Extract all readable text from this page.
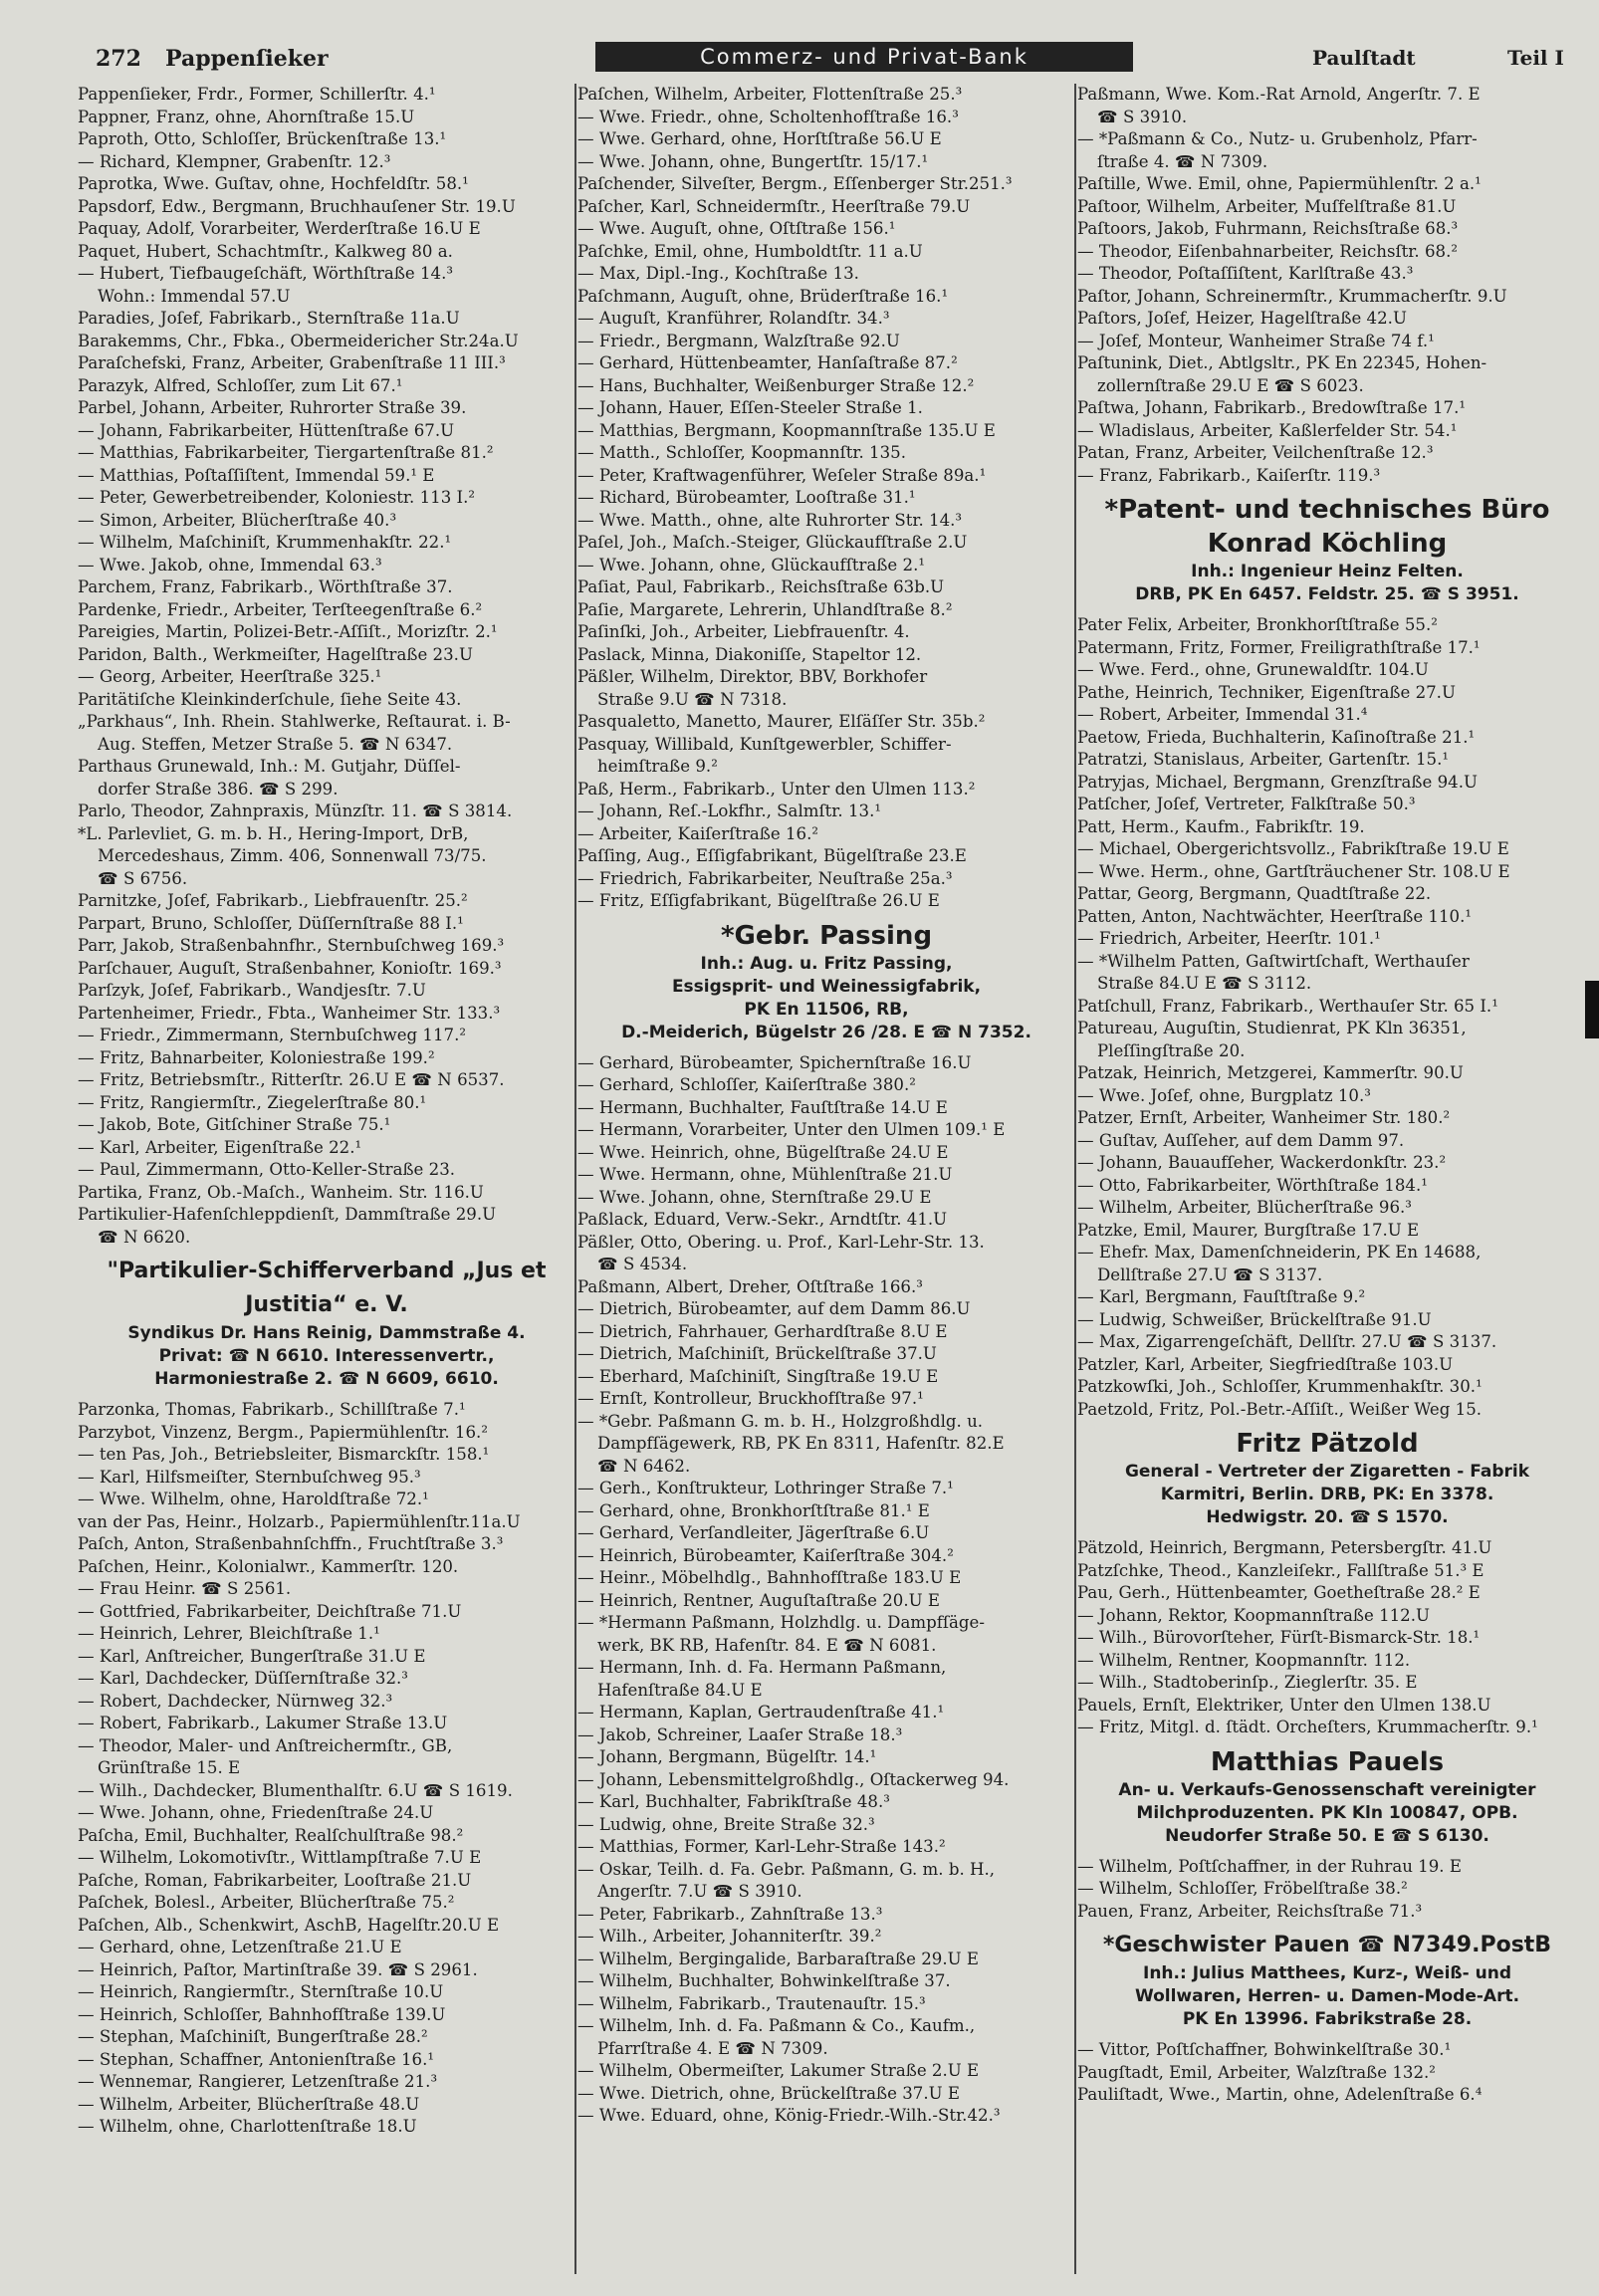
272 Pappenſieker	Commerz- und Privat-Bank	Paulſtadt	Teil I

Pappenſieker, Frdr., Former, Schillerſtr. 4.¹

Pappner, Franz, ohne, Ahornſtraße 15.U

Paproth, Otto, Schloſſer, Brückenſtraße 13.¹

— Richard, Klempner, Grabenſtr. 12.³

Paprotka, Wwe. Guſtav, ohne, Hochfeldſtr. 58.¹

Papsdorf, Edw., Bergmann, Bruchhauſener Str. 19.U

Paquay, Adolf, Vorarbeiter, Werderſtraße 16.U E

Paquet, Hubert, Schachtmſtr., Kalkweg 80 a.

— Hubert, Tiefbaugeſchäft, Wörthſtraße 14.³

Wohn.: Immendal 57.U

Paradies, Joſef, Fabrikarb., Sternſtraße 11a.U

Barakemms, Chr., Fbka., Obermeidericher Str.24a.U

Paraſchefski, Franz, Arbeiter, Grabenſtraße 11 III.³

Parazyk, Alfred, Schloſſer, zum Lit 67.¹

Parbel, Johann, Arbeiter, Ruhrorter Straße 39.

— Johann, Fabrikarbeiter, Hüttenſtraße 67.U

— Matthias, Fabrikarbeiter, Tiergartenſtraße 81.²

— Matthias, Poſtaſſiſtent, Immendal 59.¹ E

— Peter, Gewerbetreibender, Koloniestr. 113 I.²

— Simon, Arbeiter, Blücherſtraße 40.³

— Wilhelm, Maſchiniſt, Krummenhakſtr. 22.¹

— Wwe. Jakob, ohne, Immendal 63.³

Parchem, Franz, Fabrikarb., Wörthſtraße 37.

Pardenke, Friedr., Arbeiter, Terſteegenſtraße 6.²

Pareigies, Martin, Polizei-Betr.-Aſſiſt., Morizſtr. 2.¹

Paridon, Balth., Werkmeiſter, Hagelſtraße 23.U

— Georg, Arbeiter, Heerſtraße 325.¹

Paritätiſche Kleinkinderſchule, ſiehe Seite 43.

„Parkhaus“, Inh. Rhein. Stahlwerke, Reſtaurat. i. B-

Aug. Steffen, Metzer Straße 5. ☎ N 6347.

Parthaus Grunewald, Inh.: M. Gutjahr, Düſſel-

dorfer Straße 386. ☎ S 299.

Parlo, Theodor, Zahnpraxis, Münzſtr. 11. ☎ S 3814.

*L. Parlevliet, G. m. b. H., Hering-Import, DrB,

Mercedeshaus, Zimm. 406, Sonnenwall 73/75.

☎ S 6756.

Parnitzke, Joſef, Fabrikarb., Liebfrauenſtr. 25.²

Parpart, Bruno, Schloſſer, Düſſernſtraße 88 I.¹

Parr, Jakob, Straßenbahnfhr., Sternbuſchweg 169.³

Parſchauer, Auguſt, Straßenbahner, Konioſtr. 169.³

Parſzyk, Joſef, Fabrikarb., Wandjesſtr. 7.U

Partenheimer, Friedr., Fbta., Wanheimer Str. 133.³

— Friedr., Zimmermann, Sternbuſchweg 117.²

— Fritz, Bahnarbeiter, Koloniestraße 199.²

— Fritz, Betriebsmſtr., Ritterſtr. 26.U E ☎ N 6537.

— Fritz, Rangiermſtr., Ziegelerſtraße 80.¹

— Jakob, Bote, Gitſchiner Straße 75.¹

— Karl, Arbeiter, Eigenſtraße 22.¹

— Paul, Zimmermann, Otto-Keller-Straße 23.

Partika, Franz, Ob.-Maſch., Wanheim. Str. 116.U

Partikulier-Hafenſchleppdienſt, Dammſtraße 29.U

☎ N 6620.

"Partikulier-Schifferverband „Jus et Justitia“ e. V.
Syndikus Dr. Hans Reinig, Dammstraße 4.
Privat: ☎ N 6610. Interessenvertr.,
Harmoniestraße 2. ☎ N 6609, 6610.

Parzonka, Thomas, Fabrikarb., Schillſtraße 7.¹

Parzybot, Vinzenz, Bergm., Papiermühlenſtr. 16.²

— ten Pas, Joh., Betriebsleiter, Bismarckſtr. 158.¹

— Karl, Hilfsmeiſter, Sternbuſchweg 95.³

— Wwe. Wilhelm, ohne, Haroldſtraße 72.¹

van der Pas, Heinr., Holzarb., Papiermühlenſtr.11a.U

Paſch, Anton, Straßenbahnſchffn., Fruchtſtraße 3.³

Paſchen, Heinr., Kolonialwr., Kammerſtr. 120.

— Frau Heinr. ☎ S 2561.

— Gottfried, Fabrikarbeiter, Deichſtraße 71.U

— Heinrich, Lehrer, Bleichſtraße 1.¹

— Karl, Anſtreicher, Bungerſtraße 31.U E

— Karl, Dachdecker, Düſſernſtraße 32.³

— Robert, Dachdecker, Nürnweg 32.³

— Robert, Fabrikarb., Lakumer Straße 13.U

— Theodor, Maler- und Anſtreichermſtr., GB,

Grünſtraße 15. E

— Wilh., Dachdecker, Blumenthalſtr. 6.U ☎ S 1619.

— Wwe. Johann, ohne, Friedenſtraße 24.U

Paſcha, Emil, Buchhalter, Realſchulſtraße 98.²

— Wilhelm, Lokomotivſtr., Wittlampſtraße 7.U E

Paſche, Roman, Fabrikarbeiter, Looſtraße 21.U

Paſchek, Bolesl., Arbeiter, Blücherſtraße 75.²

Paſchen, Alb., Schenkwirt, AschB, Hagelſtr.20.U E

— Gerhard, ohne, Letzenſtraße 21.U E

— Heinrich, Paſtor, Martinſtraße 39. ☎ S 2961.

— Heinrich, Rangiermſtr., Sternſtraße 10.U

— Heinrich, Schloſſer, Bahnhofſtraße 139.U

— Stephan, Maſchiniſt, Bungerſtraße 28.²

— Stephan, Schaffner, Antonienſtraße 16.¹

— Wennemar, Rangierer, Letzenſtraße 21.³

— Wilhelm, Arbeiter, Blücherſtraße 48.U

— Wilhelm, ohne, Charlottenſtraße 18.U

Paſchen, Wilhelm, Arbeiter, Flottenſtraße 25.³

— Wwe. Friedr., ohne, Scholtenhofſtraße 16.³

— Wwe. Gerhard, ohne, Horſtſtraße 56.U E

— Wwe. Johann, ohne, Bungertſtr. 15/17.¹

Paſchender, Silveſter, Bergm., Eſſenberger Str.251.³

Paſcher, Karl, Schneidermſtr., Heerſtraße 79.U

— Wwe. Auguſt, ohne, Oſtſtraße 156.¹

Paſchke, Emil, ohne, Humboldtſtr. 11 a.U

— Max, Dipl.-Ing., Kochſtraße 13.

Paſchmann, Auguſt, ohne, Brüderſtraße 16.¹

— Auguſt, Kranführer, Rolandſtr. 34.³

— Friedr., Bergmann, Walzſtraße 92.U

— Gerhard, Hüttenbeamter, Hanſaſtraße 87.²

— Hans, Buchhalter, Weißenburger Straße 12.²

— Johann, Hauer, Eſſen-Steeler Straße 1.

— Matthias, Bergmann, Koopmannſtraße 135.U E

— Matth., Schloſſer, Koopmannſtr. 135.

— Peter, Kraftwagenführer, Weſeler Straße 89a.¹

— Richard, Bürobeamter, Looſtraße 31.¹

— Wwe. Matth., ohne, alte Ruhrorter Str. 14.³

Paſel, Joh., Maſch.-Steiger, Glückaufſtraße 2.U

— Wwe. Johann, ohne, Glückaufſtraße 2.¹

Paſiat, Paul, Fabrikarb., Reichsſtraße 63b.U

Paſie, Margarete, Lehrerin, Uhlandſtraße 8.²

Paſinſki, Joh., Arbeiter, Liebfrauenſtr. 4.

Paslack, Minna, Diakoniſſe, Stapeltor 12.

Päßler, Wilhelm, Direktor, BBV, Borkhofer

Straße 9.U ☎ N 7318.

Pasqualetto, Manetto, Maurer, Elſäſſer Str. 35b.²

Pasquay, Willibald, Kunſtgewerbler, Schiffer-

heimſtraße 9.²

Paß, Herm., Fabrikarb., Unter den Ulmen 113.²

— Johann, Reſ.-Lokfhr., Salmſtr. 13.¹

— Arbeiter, Kaiſerſtraße 16.²

Paſſing, Aug., Eſſigfabrikant, Bügelſtraße 23.E

— Friedrich, Fabrikarbeiter, Neuſtraße 25a.³

— Fritz, Eſſigfabrikant, Bügelſtraße 26.U E

*Gebr. Passing
Inh.: Aug. u. Fritz Passing,
Essigsprit- und Weinessigfabrik,
PK En 11506, RB,
D.-Meiderich, Bügelstr 26 /28. E ☎ N 7352.

— Gerhard, Bürobeamter, Spichernſtraße 16.U

— Gerhard, Schloſſer, Kaiſerſtraße 380.²

— Hermann, Buchhalter, Fauſtſtraße 14.U E

— Hermann, Vorarbeiter, Unter den Ulmen 109.¹ E

— Wwe. Heinrich, ohne, Bügelſtraße 24.U E

— Wwe. Hermann, ohne, Mühlenſtraße 21.U

— Wwe. Johann, ohne, Sternſtraße 29.U E

Paßlack, Eduard, Verw.-Sekr., Arndtſtr. 41.U

Päßler, Otto, Obering. u. Prof., Karl-Lehr-Str. 13.

☎ S 4534.

Paßmann, Albert, Dreher, Oſtſtraße 166.³

— Dietrich, Bürobeamter, auf dem Damm 86.U

— Dietrich, Fahrhauer, Gerhardſtraße 8.U E

— Dietrich, Maſchiniſt, Brückelſtraße 37.U

— Eberhard, Maſchiniſt, Singſtraße 19.U E

— Ernſt, Kontrolleur, Bruckhofſtraße 97.¹

— *Gebr. Paßmann G. m. b. H., Holzgroßhdlg. u.

Dampfſägewerk, RB, PK En 8311, Hafenſtr. 82.E

☎ N 6462.

— Gerh., Konſtrukteur, Lothringer Straße 7.¹

— Gerhard, ohne, Bronkhorſtſtraße 81.¹ E

— Gerhard, Verſandleiter, Jägerſtraße 6.U

— Heinrich, Bürobeamter, Kaiſerſtraße 304.²

— Heinr., Möbelhdlg., Bahnhofſtraße 183.U E

— Heinrich, Rentner, Auguſtaſtraße 20.U E

— *Hermann Paßmann, Holzhdlg. u. Dampfſäge-

werk, BK RB, Hafenſtr. 84. E ☎ N 6081.

— Hermann, Inh. d. Fa. Hermann Paßmann,

Hafenſtraße 84.U E

— Hermann, Kaplan, Gertraudenſtraße 41.¹

— Jakob, Schreiner, Laaſer Straße 18.³

— Johann, Bergmann, Bügelſtr. 14.¹

— Johann, Lebensmittelgroßhdlg., Oſtackerweg 94.

— Karl, Buchhalter, Fabrikſtraße 48.³

— Ludwig, ohne, Breite Straße 32.³

— Matthias, Former, Karl-Lehr-Straße 143.²

— Oskar, Teilh. d. Fa. Gebr. Paßmann, G. m. b. H.,

Angerſtr. 7.U ☎ S 3910.

— Peter, Fabrikarb., Zahnſtraße 13.³

— Wilh., Arbeiter, Johanniterſtr. 39.²

— Wilhelm, Bergingalide, Barbaraſtraße 29.U E

— Wilhelm, Buchhalter, Bohwinkelſtraße 37.

— Wilhelm, Fabrikarb., Trautenauſtr. 15.³

— Wilhelm, Inh. d. Fa. Paßmann & Co., Kaufm.,

Pfarrſtraße 4. E ☎ N 7309.

— Wilhelm, Obermeiſter, Lakumer Straße 2.U E

— Wwe. Dietrich, ohne, Brückelſtraße 37.U E

— Wwe. Eduard, ohne, König-Friedr.-Wilh.-Str.42.³

Paßmann, Wwe. Kom.-Rat Arnold, Angerſtr. 7. E

☎ S 3910.

— *Paßmann & Co., Nutz- u. Grubenholz, Pfarr-

ſtraße 4. ☎ N 7309.

Paſtille, Wwe. Emil, ohne, Papiermühlenſtr. 2 a.¹

Paſtoor, Wilhelm, Arbeiter, Muſfelſtraße 81.U

Paſtoors, Jakob, Fuhrmann, Reichsſtraße 68.³

— Theodor, Eiſenbahnarbeiter, Reichsſtr. 68.²

— Theodor, Poſtaſſiſtent, Karlſtraße 43.³

Paſtor, Johann, Schreinermſtr., Krummacherſtr. 9.U

Paſtors, Joſef, Heizer, Hagelſtraße 42.U

— Joſef, Monteur, Wanheimer Straße 74 f.¹

Paſtunink, Diet., Abtlgsltr., PK En 22345, Hohen-

zollernſtraße 29.U E ☎ S 6023.

Paſtwa, Johann, Fabrikarb., Bredowſtraße 17.¹

— Wladislaus, Arbeiter, Kaßlerfelder Str. 54.¹

Patan, Franz, Arbeiter, Veilchenſtraße 12.³

— Franz, Fabrikarb., Kaiſerſtr. 119.³

*Patent- und technisches Büro
Konrad Köchling
Inh.: Ingenieur Heinz Felten.
DRB, PK En 6457. Feldstr. 25. ☎ S 3951.

Pater Felix, Arbeiter, Bronkhorſtſtraße 55.²

Patermann, Fritz, Former, Freiligrathſtraße 17.¹

— Wwe. Ferd., ohne, Grunewaldſtr. 104.U

Pathe, Heinrich, Techniker, Eigenſtraße 27.U

— Robert, Arbeiter, Immendal 31.⁴

Paetow, Frieda, Buchhalterin, Kaſinoſtraße 21.¹

Patratzi, Stanislaus, Arbeiter, Gartenſtr. 15.¹

Patryjas, Michael, Bergmann, Grenzſtraße 94.U

Patſcher, Joſef, Vertreter, Falkſtraße 50.³

Patt, Herm., Kaufm., Fabrikſtr. 19.

— Michael, Obergerichtsvollz., Fabrikſtraße 19.U E

— Wwe. Herm., ohne, Gartſträuchener Str. 108.U E

Pattar, Georg, Bergmann, Quadtſtraße 22.

Patten, Anton, Nachtwächter, Heerſtraße 110.¹

— Friedrich, Arbeiter, Heerſtr. 101.¹

— *Wilhelm Patten, Gaſtwirtſchaft, Werthauſer

Straße 84.U E ☎ S 3112.

Patſchull, Franz, Fabrikarb., Werthauſer Str. 65 I.¹

Patureau, Auguſtin, Studienrat, PK Kln 36351,

Pleſſingſtraße 20.

Patzak, Heinrich, Metzgerei, Kammerſtr. 90.U

— Wwe. Joſef, ohne, Burgplatz 10.³

Patzer, Ernſt, Arbeiter, Wanheimer Str. 180.²

— Guſtav, Auſſeher, auf dem Damm 97.

— Johann, Bauaufſeher, Wackerdonkſtr. 23.²

— Otto, Fabrikarbeiter, Wörthſtraße 184.¹

— Wilhelm, Arbeiter, Blücherſtraße 96.³

Patzke, Emil, Maurer, Burgſtraße 17.U E

— Ehefr. Max, Damenſchneiderin, PK En 14688,

Dellſtraße 27.U ☎ S 3137.

— Karl, Bergmann, Fauſtſtraße 9.²

— Ludwig, Schweißer, Brückelſtraße 91.U

— Max, Zigarrengeſchäft, Dellſtr. 27.U ☎ S 3137.

Patzler, Karl, Arbeiter, Siegfriedſtraße 103.U

Patzkowſki, Joh., Schloſſer, Krummenhakſtr. 30.¹

Paetzold, Fritz, Pol.-Betr.-Aſſiſt., Weißer Weg 15.

Fritz Pätzold
General - Vertreter der Zigaretten - Fabrik
Karmitri, Berlin. DRB, PK: En 3378.
Hedwigstr. 20. ☎ S 1570.

Pätzold, Heinrich, Bergmann, Petersbergſtr. 41.U

Patzſchke, Theod., Kanzleiſekr., Fallſtraße 51.³ E

Pau, Gerh., Hüttenbeamter, Goetheſtraße 28.² E

— Johann, Rektor, Koopmannſtraße 112.U

— Wilh., Bürovorſteher, Fürſt-Bismarck-Str. 18.¹

— Wilhelm, Rentner, Koopmannſtr. 112.

— Wilh., Stadtoberinſp., Zieglerſtr. 35. E

Pauels, Ernſt, Elektriker, Unter den Ulmen 138.U

— Fritz, Mitgl. d. ſtädt. Orcheſters, Krummacherſtr. 9.¹

Matthias Pauels
An- u. Verkaufs-Genossenschaft vereinigter
Milchproduzenten. PK Kln 100847, OPB.
Neudorfer Straße 50. E ☎ S 6130.

— Wilhelm, Poſtſchaffner, in der Ruhrau 19. E

— Wilhelm, Schloſſer, Fröbelſtraße 38.²

Pauen, Franz, Arbeiter, Reichsſtraße 71.³

*Geschwister Pauen ☎ N7349.PostB
Inh.: Julius Matthees, Kurz-, Weiß- und
Wollwaren, Herren- u. Damen-Mode-Art.
PK En 13996. Fabrikstraße 28.

— Vittor, Poſtſchaffner, Bohwinkelſtraße 30.¹

Paugſtadt, Emil, Arbeiter, Walzſtraße 132.²

Pauliſtadt, Wwe., Martin, ohne, Adelenſtraße 6.⁴
